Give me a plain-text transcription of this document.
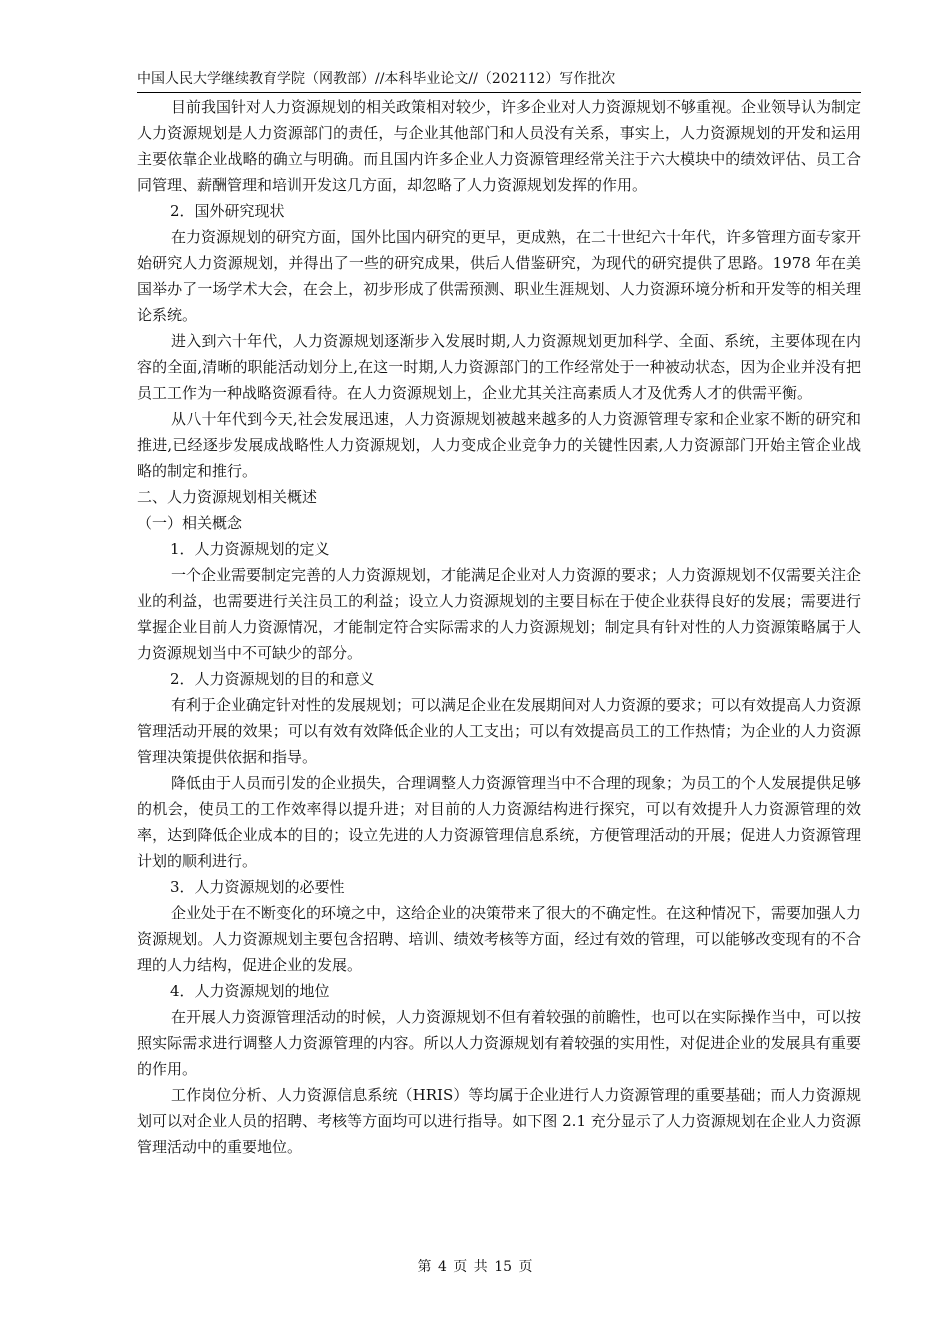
中国人民大学继续教育学院（网教部）//本科毕业论文//（202112）写作批次

目前我国针对人力资源规划的相关政策相对较少，许多企业对人力资源规划不够重视。企业领导认为制定人力资源规划是人力资源部门的责任，与企业其他部门和人员没有关系，事实上，人力资源规划的开发和运用主要依靠企业战略的确立与明确。而且国内许多企业人力资源管理经常关注于六大模块中的绩效评估、员工合同管理、薪酬管理和培训开发这几方面，却忽略了人力资源规划发挥的作用。

2．国外研究现状

在力资源规划的研究方面，国外比国内研究的更早，更成熟，在二十世纪六十年代，许多管理方面专家开始研究人力资源规划，并得出了一些的研究成果，供后人借鉴研究，为现代的研究提供了思路。1978 年在美国举办了一场学术大会，在会上，初步形成了供需预测、职业生涯规划、人力资源环境分析和开发等的相关理论系统。

进入到六十年代，人力资源规划逐渐步入发展时期,人力资源规划更加科学、全面、系统，主要体现在内容的全面,清晰的职能活动划分上,在这一时期,人力资源部门的工作经常处于一种被动状态，因为企业并没有把员工工作为一种战略资源看待。在人力资源规划上，企业尤其关注高素质人才及优秀人才的供需平衡。

从八十年代到今天,社会发展迅速，人力资源规划被越来越多的人力资源管理专家和企业家不断的研究和推进,已经逐步发展成战略性人力资源规划，人力变成企业竞争力的关键性因素,人力资源部门开始主管企业战略的制定和推行。

二、人力资源规划相关概述

（一）相关概念

1．人力资源规划的定义

一个企业需要制定完善的人力资源规划，才能满足企业对人力资源的要求；人力资源规划不仅需要关注企业的利益，也需要进行关注员工的利益；设立人力资源规划的主要目标在于使企业获得良好的发展；需要进行掌握企业目前人力资源情况，才能制定符合实际需求的人力资源规划；制定具有针对性的人力资源策略属于人力资源规划当中不可缺少的部分。

2．人力资源规划的目的和意义

有利于企业确定针对性的发展规划；可以满足企业在发展期间对人力资源的要求；可以有效提高人力资源管理活动开展的效果；可以有效有效降低企业的人工支出；可以有效提高员工的工作热情；为企业的人力资源管理决策提供依据和指导。

降低由于人员而引发的企业损失，合理调整人力资源管理当中不合理的现象；为员工的个人发展提供足够的机会，使员工的工作效率得以提升进；对目前的人力资源结构进行探究，可以有效提升人力资源管理的效率，达到降低企业成本的目的；设立先进的人力资源管理信息系统，方便管理活动的开展；促进人力资源管理计划的顺利进行。

3．人力资源规划的必要性

企业处于在不断变化的环境之中，这给企业的决策带来了很大的不确定性。在这种情况下，需要加强人力资源规划。人力资源规划主要包含招聘、培训、绩效考核等方面，经过有效的管理，可以能够改变现有的不合理的人力结构，促进企业的发展。

4．人力资源规划的地位

在开展人力资源管理活动的时候，人力资源规划不但有着较强的前瞻性，也可以在实际操作当中，可以按照实际需求进行调整人力资源管理的内容。所以人力资源规划有着较强的实用性，对促进企业的发展具有重要的作用。

工作岗位分析、人力资源信息系统（HRIS）等均属于企业进行人力资源管理的重要基础；而人力资源规划可以对企业人员的招聘、考核等方面均可以进行指导。如下图 2.1 充分显示了人力资源规划在企业人力资源管理活动中的重要地位。

第 4 页 共 15 页
